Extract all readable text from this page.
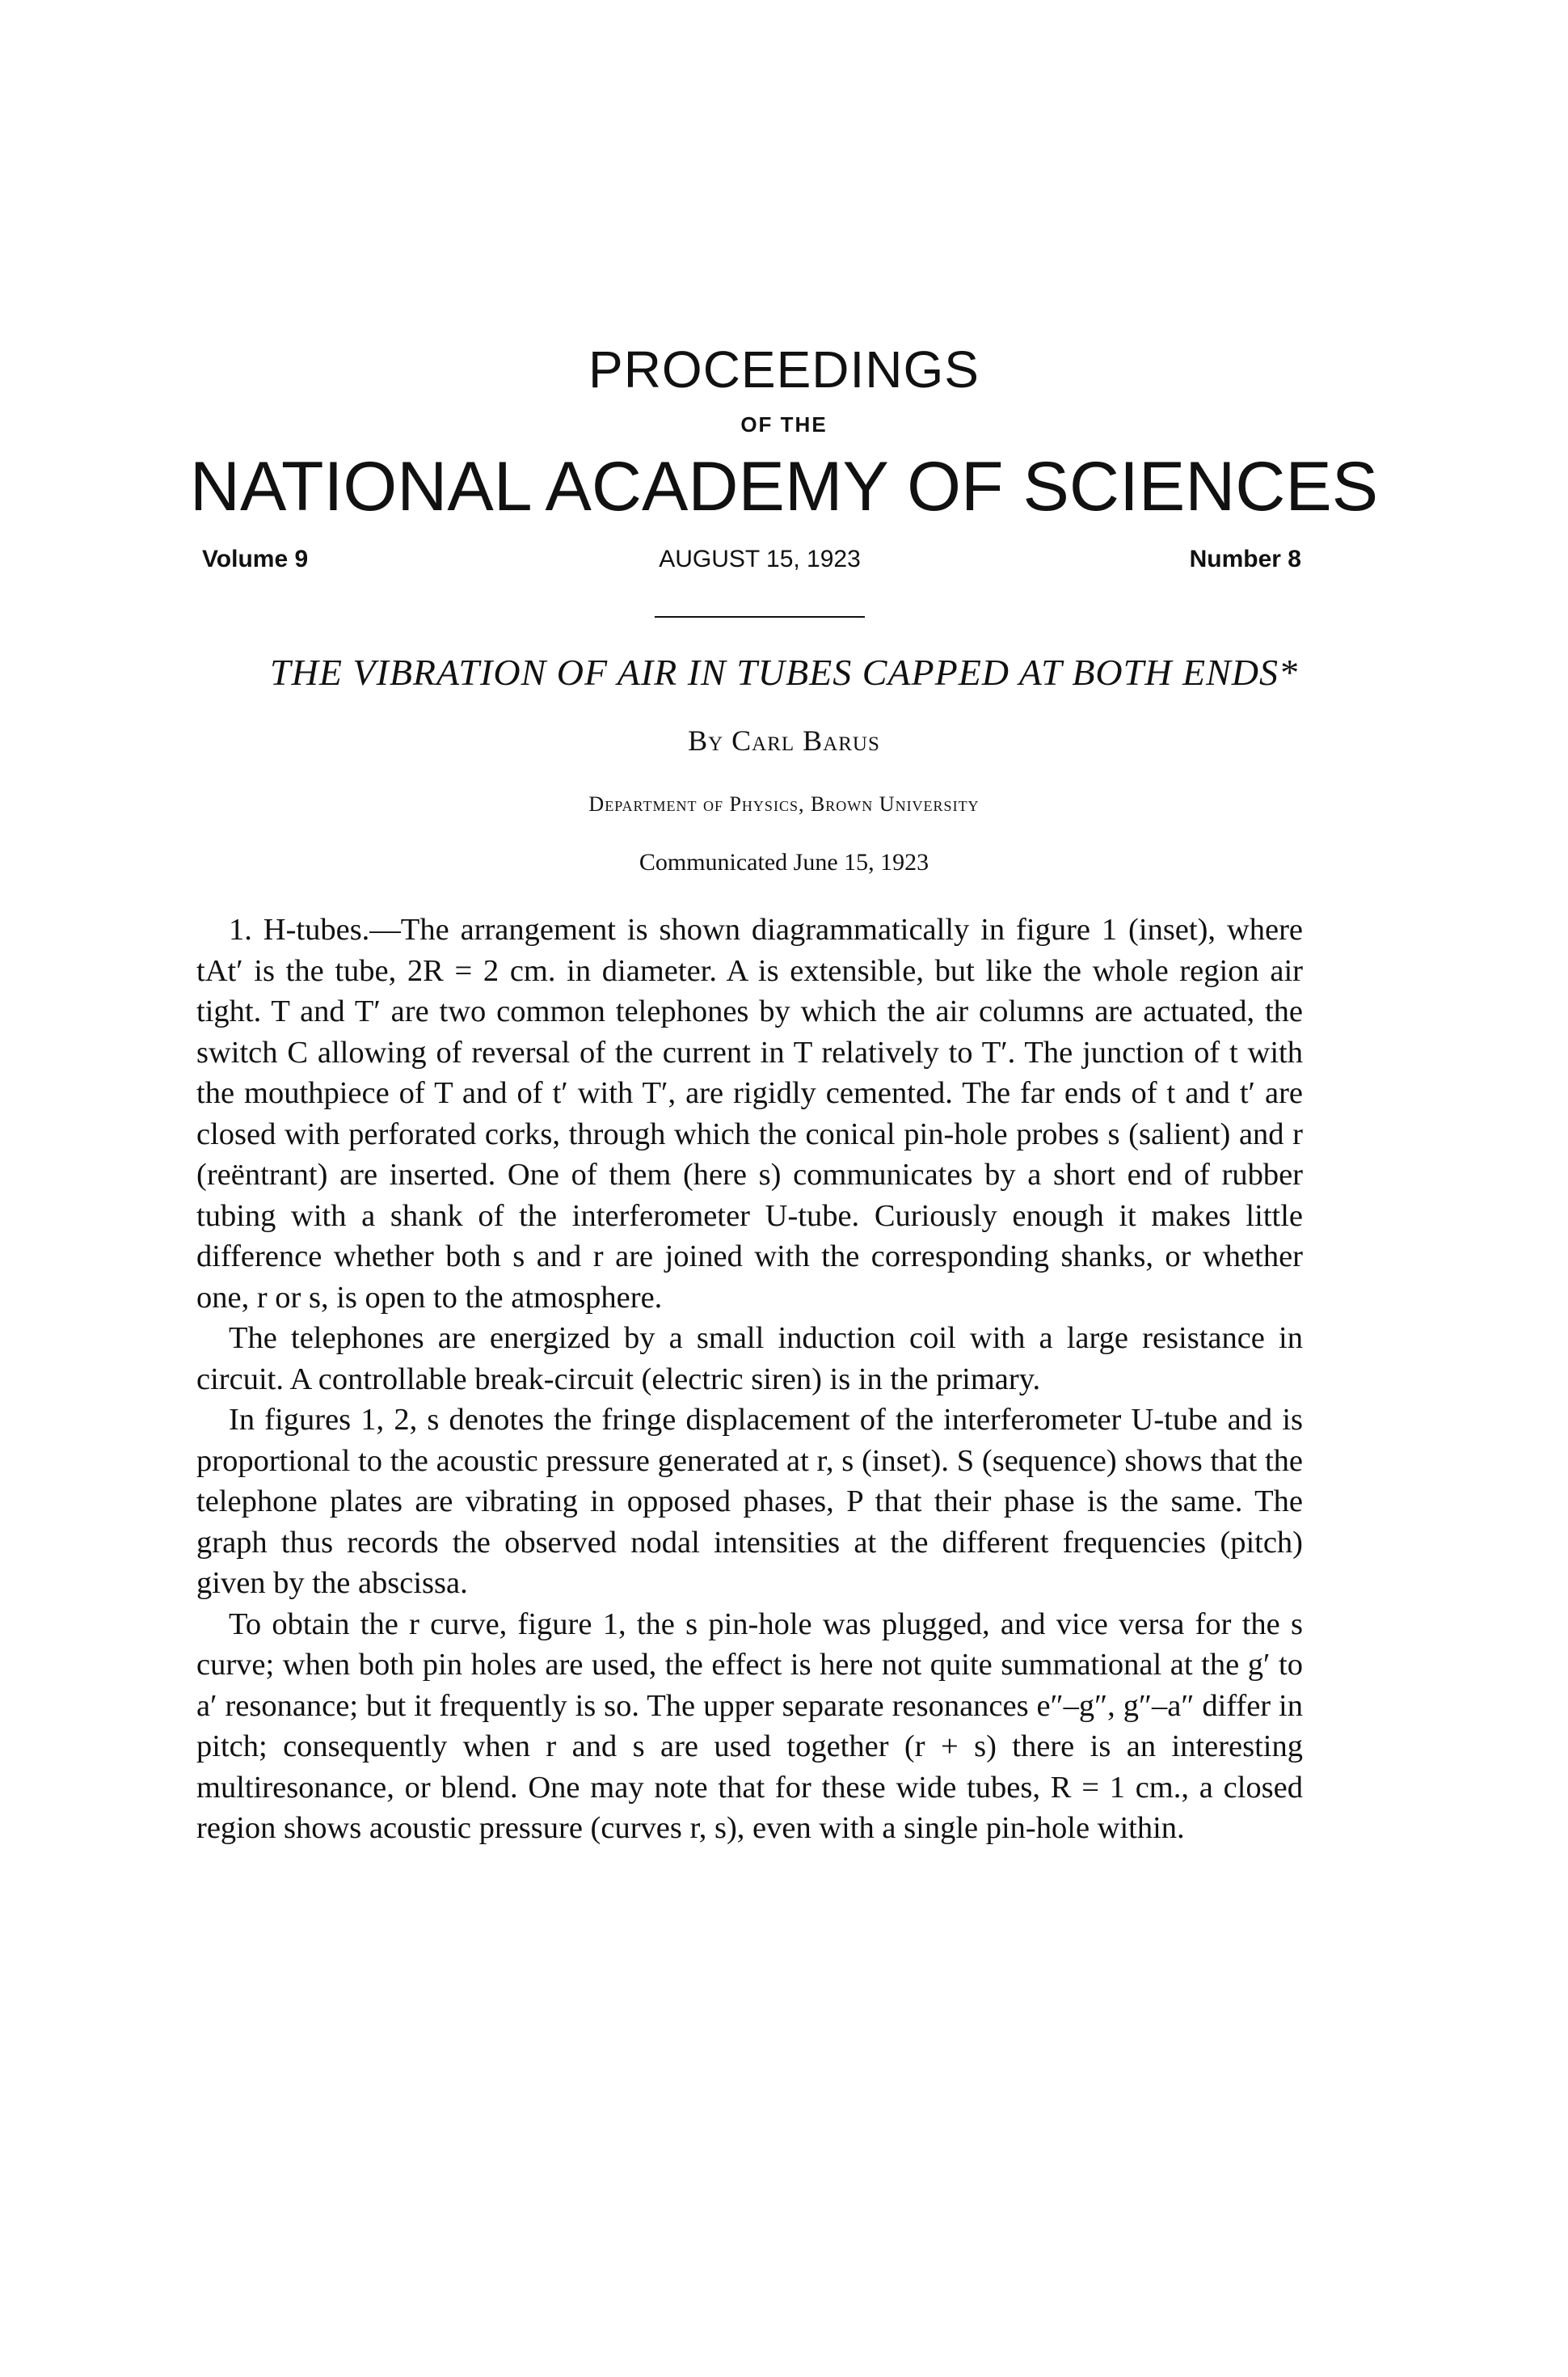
PROCEEDINGS
OF THE
NATIONAL ACADEMY OF SCIENCES
Volume 9	AUGUST 15, 1923	Number 8
THE VIBRATION OF AIR IN TUBES CAPPED AT BOTH ENDS*
By Carl Barus
Department of Physics, Brown University
Communicated June 15, 1923

1. H-tubes.—The arrangement is shown diagrammatically in figure 1 (inset), where tAt′ is the tube, 2R = 2 cm. in diameter. A is extensible, but like the whole region air tight. T and T′ are two common telephones by which the air columns are actuated, the switch C allowing of reversal of the current in T relatively to T′. The junction of t with the mouthpiece of T and of t′ with T′, are rigidly cemented. The far ends of t and t′ are closed with perforated corks, through which the conical pin-hole probes s (salient) and r (reëntrant) are inserted. One of them (here s) communicates by a short end of rubber tubing with a shank of the interferometer U-tube. Curiously enough it makes little difference whether both s and r are joined with the corresponding shanks, or whether one, r or s, is open to the atmosphere.

The telephones are energized by a small induction coil with a large resistance in circuit. A controllable break-circuit (electric siren) is in the primary.

In figures 1, 2, s denotes the fringe displacement of the interferometer U-tube and is proportional to the acoustic pressure generated at r, s (inset). S (sequence) shows that the telephone plates are vibrating in opposed phases, P that their phase is the same. The graph thus records the observed nodal intensities at the different frequencies (pitch) given by the abscissa.

To obtain the r curve, figure 1, the s pin-hole was plugged, and vice versa for the s curve; when both pin holes are used, the effect is here not quite summational at the g′ to a′ resonance; but it frequently is so. The upper separate resonances e″–g″, g″–a″ differ in pitch; consequently when r and s are used together (r + s) there is an interesting multiresonance, or blend. One may note that for these wide tubes, R = 1 cm., a closed region shows acoustic pressure (curves r, s), even with a single pin-hole within.
